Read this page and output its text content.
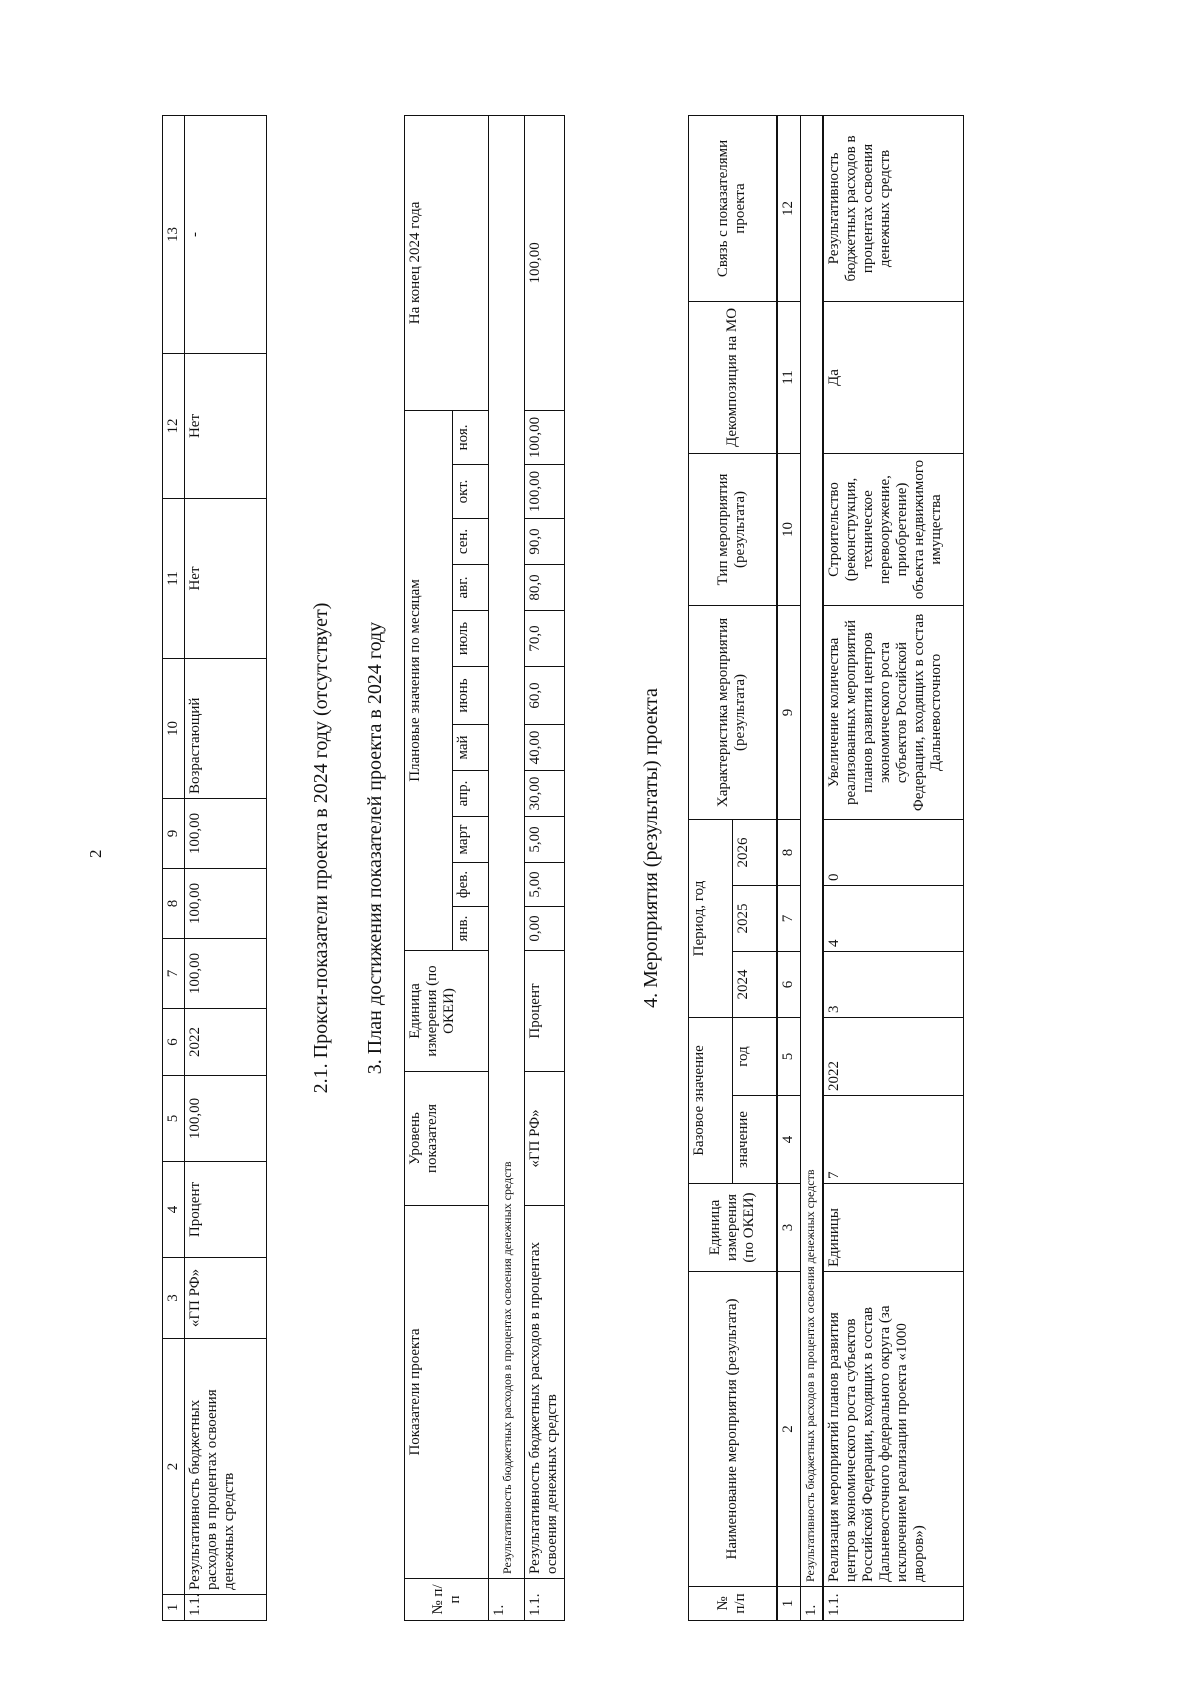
2
1	2	3	4	5	6	7	8	9	10	11	12	13
1.1.	Результативность бюджетных расходов в процентах освоения денежных средств	«ГП РФ»	Процент	100,00	2022	100,00	100,00	100,00	Возрастающий	Нет	Нет	-
2.1. Прокси-показатели проекта в 2024 году (отсутствует) 3. План достижения показателей проекта в 2024 году
№ п/п	Показатели проекта	Уровень показателя	Единица измерения (по ОКЕИ)	Плановые значения по месяцам											На конец 2024 года
				янв.	фев.	март	апр.	май	июнь	июль	авг.	сен.	окт.	ноя.	
1.	Результативность бюджетных расходов в процентах освоения денежных средств														
1.1.	Результативность бюджетных расходов в процентах освоения денежных средств	«ГП РФ»	Процент	0,00	5,00	5,00	30,00	40,00	60,0	70,0	80,0	90,0	100,00	100,00	100,00
4. Мероприятия (результаты) проекта
№ п/п	Наименование мероприятия (результата)	Единица измерения (по ОКЕИ)	Базовое значение		Период, год			Характеристика мероприятия (результата)	Тип мероприятия (результата)	Декомпозиция на МО	Связь с показателями проекта
			значение	год	2024	2025	2026				
1	2	3	4	5	6	7	8	9	10	11	12
1.	Результативность бюджетных расходов в процентах освоения денежных средств										
1.1.	Реализация мероприятий планов развития центров экономического роста субъектов Российской Федерации, входящих в состав Дальневосточного федерального округа (за исключением реализации проекта «1000 дворов»)	Единицы	7	2022	3	4	0	Увеличение количества реализованных мероприятий планов развития центров экономического роста субъектов Российской Федерации, входящих в состав Дальневосточного	Строительство (реконструкция, техническое перевооружение, приобретение) объекта недвижимого имущества	Да	Результативность бюджетных расходов в процентах освоения денежных средств
